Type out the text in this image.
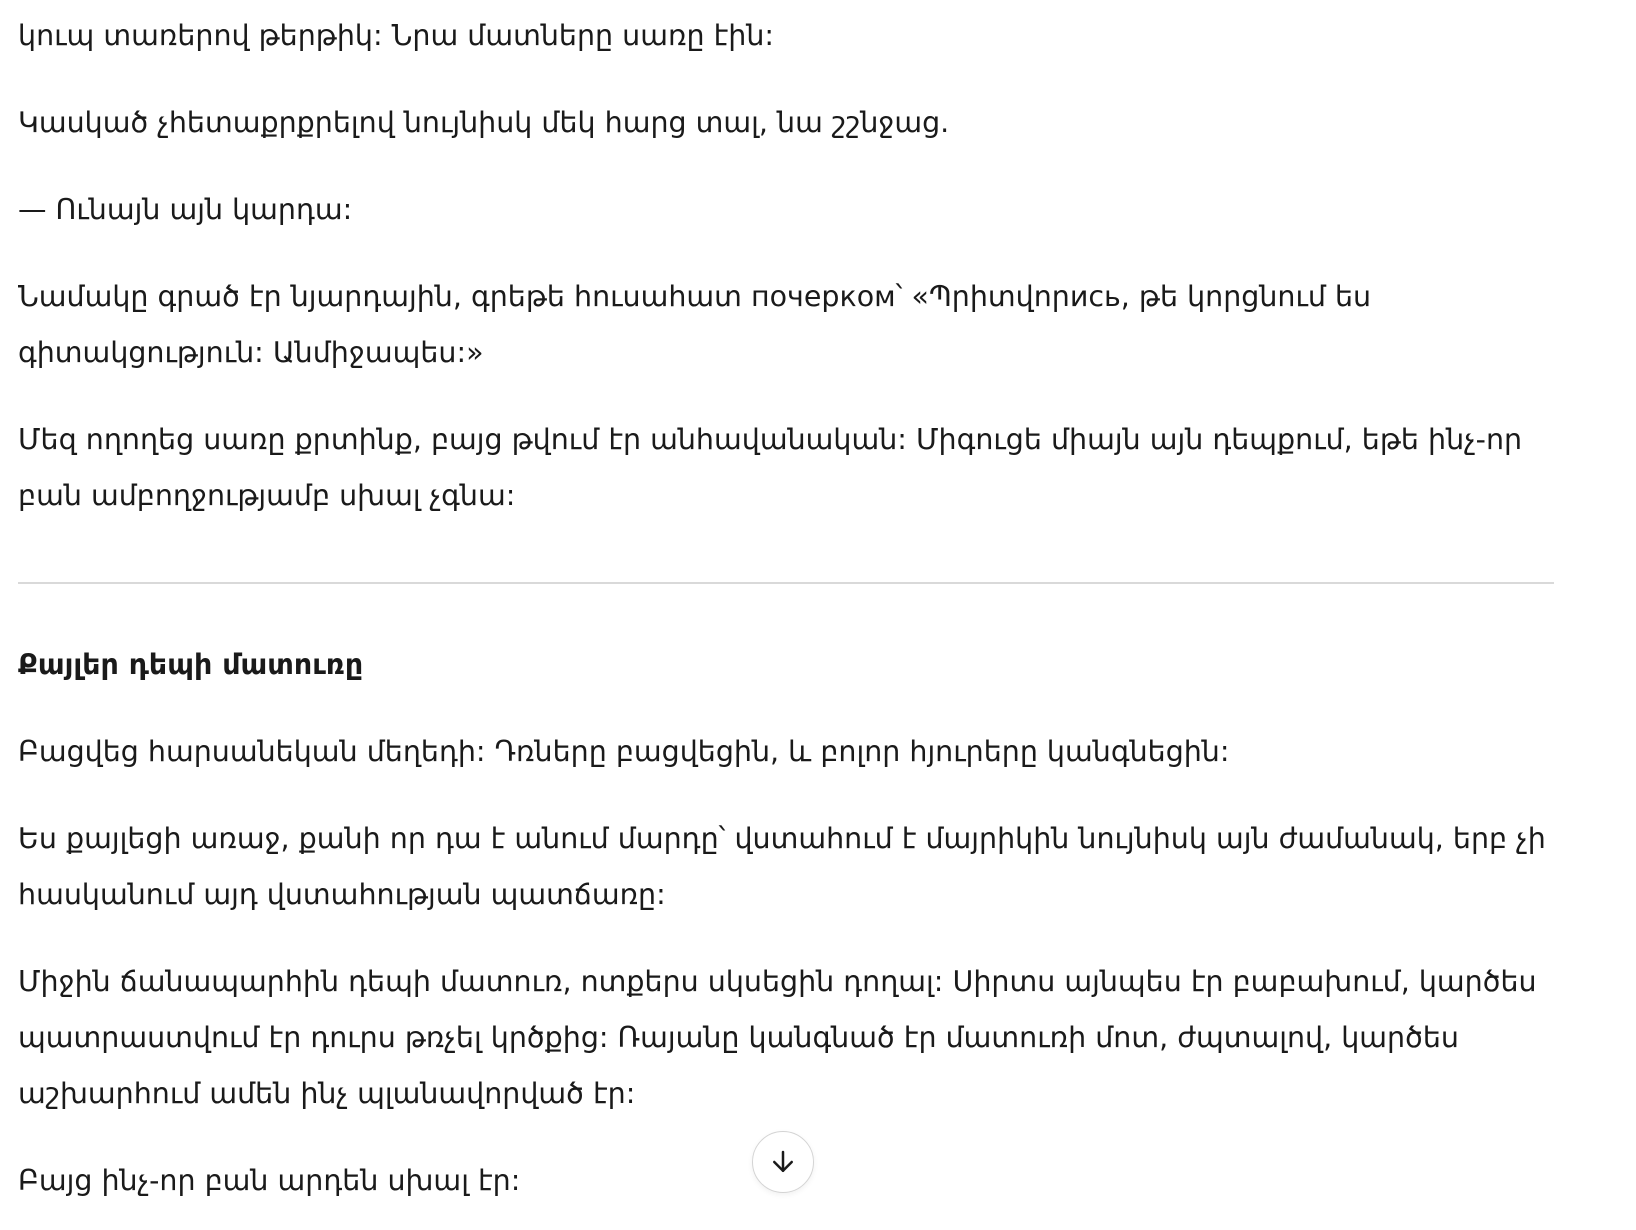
կուպ տառերով թերթիկ: Նրա մատները սառը էին:

Կասկած չհետաքրքրելով նույնիսկ մեկ հարց տալ, նա շշնջաց.

— Ունայն այն կարդա:

Նամակը գրած էր նյարդային, գրեթե հուսահատ почерком՝ «Պրիտվորись, թե կորցնում ես գիտակցություն: Անմիջապես:»

Մեզ ողողեց սառը քրտինք, բայց թվում էր անհավանական: Միգուցե միայն այն դեպքում, եթե ինչ-որ բան ամբողջությամբ սխալ չգնա:

Քայլեր դեպի մատուռը

Բացվեց հարսանեկան մեղեդի: Դռները բացվեցին, և բոլոր հյուրերը կանգնեցին:

Ես քայլեցի առաջ, քանի որ դա է անում մարդը՝ վստահում է մայրիկին նույնիսկ այն ժամանակ, երբ չի հասկանում այդ վստահության պատճառը:

Միջին ճանապարհին դեպի մատուռ, ոտքերս սկսեցին դողալ: Սիրտս այնպես էր բաբախում, կարծես պատրաստվում էր դուրս թռչել կրծքից: Ռայանը կանգնած էր մատուռի մոտ, ժպտալով, կարծես աշխարհում ամեն ինչ պլանավորված էր:

Բայց ինչ-որ բան արդեն սխալ էր:
